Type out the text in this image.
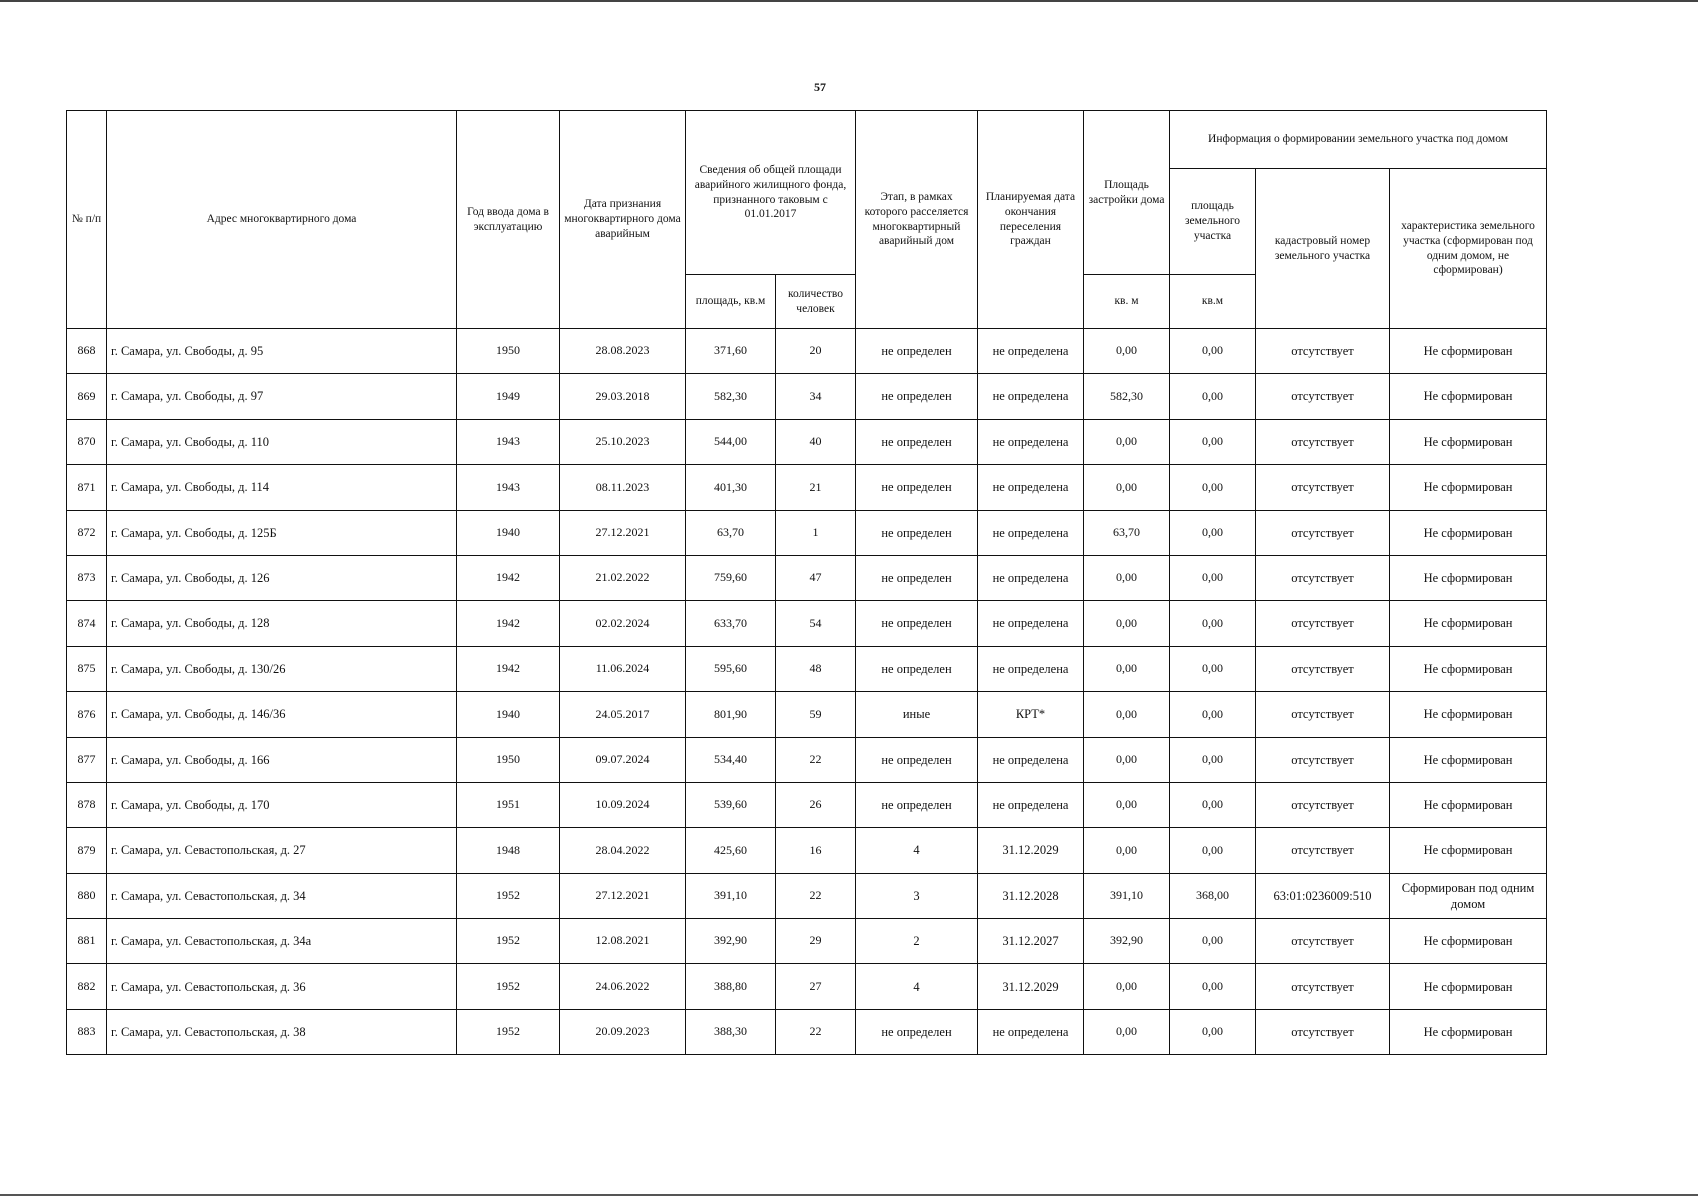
57
№ п/п	Адрес многоквартирного дома	Год ввода дома в эксплуатацию	Дата признания многоквартирного дома аварийным	Сведения об общей площади аварийного жилищного фонда, признанного таковым с 01.01.2017		Этап, в рамках которого расселяется многоквартирный аварийный дом	Планируемая дата окончания переселения граждан	Площадь застройки дома	Информация о формировании земельного участка под домом		
									площадь земельного участка	кадастровый номер земельного участка	характеристика земельного участка (сформирован под одним домом, не сформирован)
				площадь, кв.м	количество человек			кв. м	кв.м		
868	г. Самара, ул. Свободы, д. 95	1950	28.08.2023	371,60	20	не определен	не определена	0,00	0,00	отсутствует	Не сформирован
869	г. Самара, ул. Свободы, д. 97	1949	29.03.2018	582,30	34	не определен	не определена	582,30	0,00	отсутствует	Не сформирован
870	г. Самара, ул. Свободы, д. 110	1943	25.10.2023	544,00	40	не определен	не определена	0,00	0,00	отсутствует	Не сформирован
871	г. Самара, ул. Свободы, д. 114	1943	08.11.2023	401,30	21	не определен	не определена	0,00	0,00	отсутствует	Не сформирован
872	г. Самара, ул. Свободы, д. 125Б	1940	27.12.2021	63,70	1	не определен	не определена	63,70	0,00	отсутствует	Не сформирован
873	г. Самара, ул. Свободы, д. 126	1942	21.02.2022	759,60	47	не определен	не определена	0,00	0,00	отсутствует	Не сформирован
874	г. Самара, ул. Свободы, д. 128	1942	02.02.2024	633,70	54	не определен	не определена	0,00	0,00	отсутствует	Не сформирован
875	г. Самара, ул. Свободы, д. 130/26	1942	11.06.2024	595,60	48	не определен	не определена	0,00	0,00	отсутствует	Не сформирован
876	г. Самара, ул. Свободы, д. 146/36	1940	24.05.2017	801,90	59	иные	КРТ*	0,00	0,00	отсутствует	Не сформирован
877	г. Самара, ул. Свободы, д. 166	1950	09.07.2024	534,40	22	не определен	не определена	0,00	0,00	отсутствует	Не сформирован
878	г. Самара, ул. Свободы, д. 170	1951	10.09.2024	539,60	26	не определен	не определена	0,00	0,00	отсутствует	Не сформирован
879	г. Самара, ул. Севастопольская, д. 27	1948	28.04.2022	425,60	16	4	31.12.2029	0,00	0,00	отсутствует	Не сформирован
880	г. Самара, ул. Севастопольская, д. 34	1952	27.12.2021	391,10	22	3	31.12.2028	391,10	368,00	63:01:0236009:510	Сформирован под одним домом
881	г. Самара, ул. Севастопольская, д. 34а	1952	12.08.2021	392,90	29	2	31.12.2027	392,90	0,00	отсутствует	Не сформирован
882	г. Самара, ул. Севастопольская, д. 36	1952	24.06.2022	388,80	27	4	31.12.2029	0,00	0,00	отсутствует	Не сформирован
883	г. Самара, ул. Севастопольская, д. 38	1952	20.09.2023	388,30	22	не определен	не определена	0,00	0,00	отсутствует	Не сформирован
